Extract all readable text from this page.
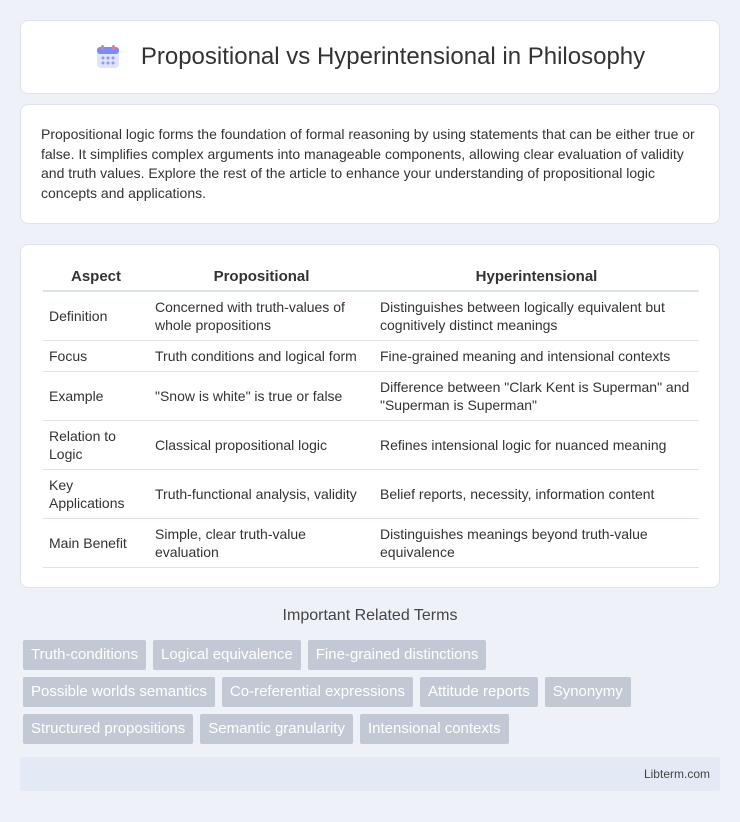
Propositional vs Hyperintensional in Philosophy

Propositional logic forms the foundation of formal reasoning by using statements that can be either true or false. It simplifies complex arguments into manageable components, allowing clear evaluation of validity and truth values. Explore the rest of the article to enhance your understanding of propositional logic concepts and applications.

Aspect	Propositional	Hyperintensional
Definition	Concerned with truth-values of whole propositions	Distinguishes between logically equivalent but cognitively distinct meanings
Focus	Truth conditions and logical form	Fine-grained meaning and intensional contexts
Example	"Snow is white" is true or false	Difference between "Clark Kent is Superman" and "Superman is Superman"
Relation to Logic	Classical propositional logic	Refines intensional logic for nuanced meaning
Key Applications	Truth-functional analysis, validity	Belief reports, necessity, information content
Main Benefit	Simple, clear truth-value evaluation	Distinguishes meanings beyond truth-value equivalence
Important Related Terms
Truth-conditions	Logical equivalence	Fine-grained distinctions
Possible worlds semantics	Co-referential expressions	Attitude reports	Synonymy
Structured propositions	Semantic granularity	Intensional contexts
Libterm.com
